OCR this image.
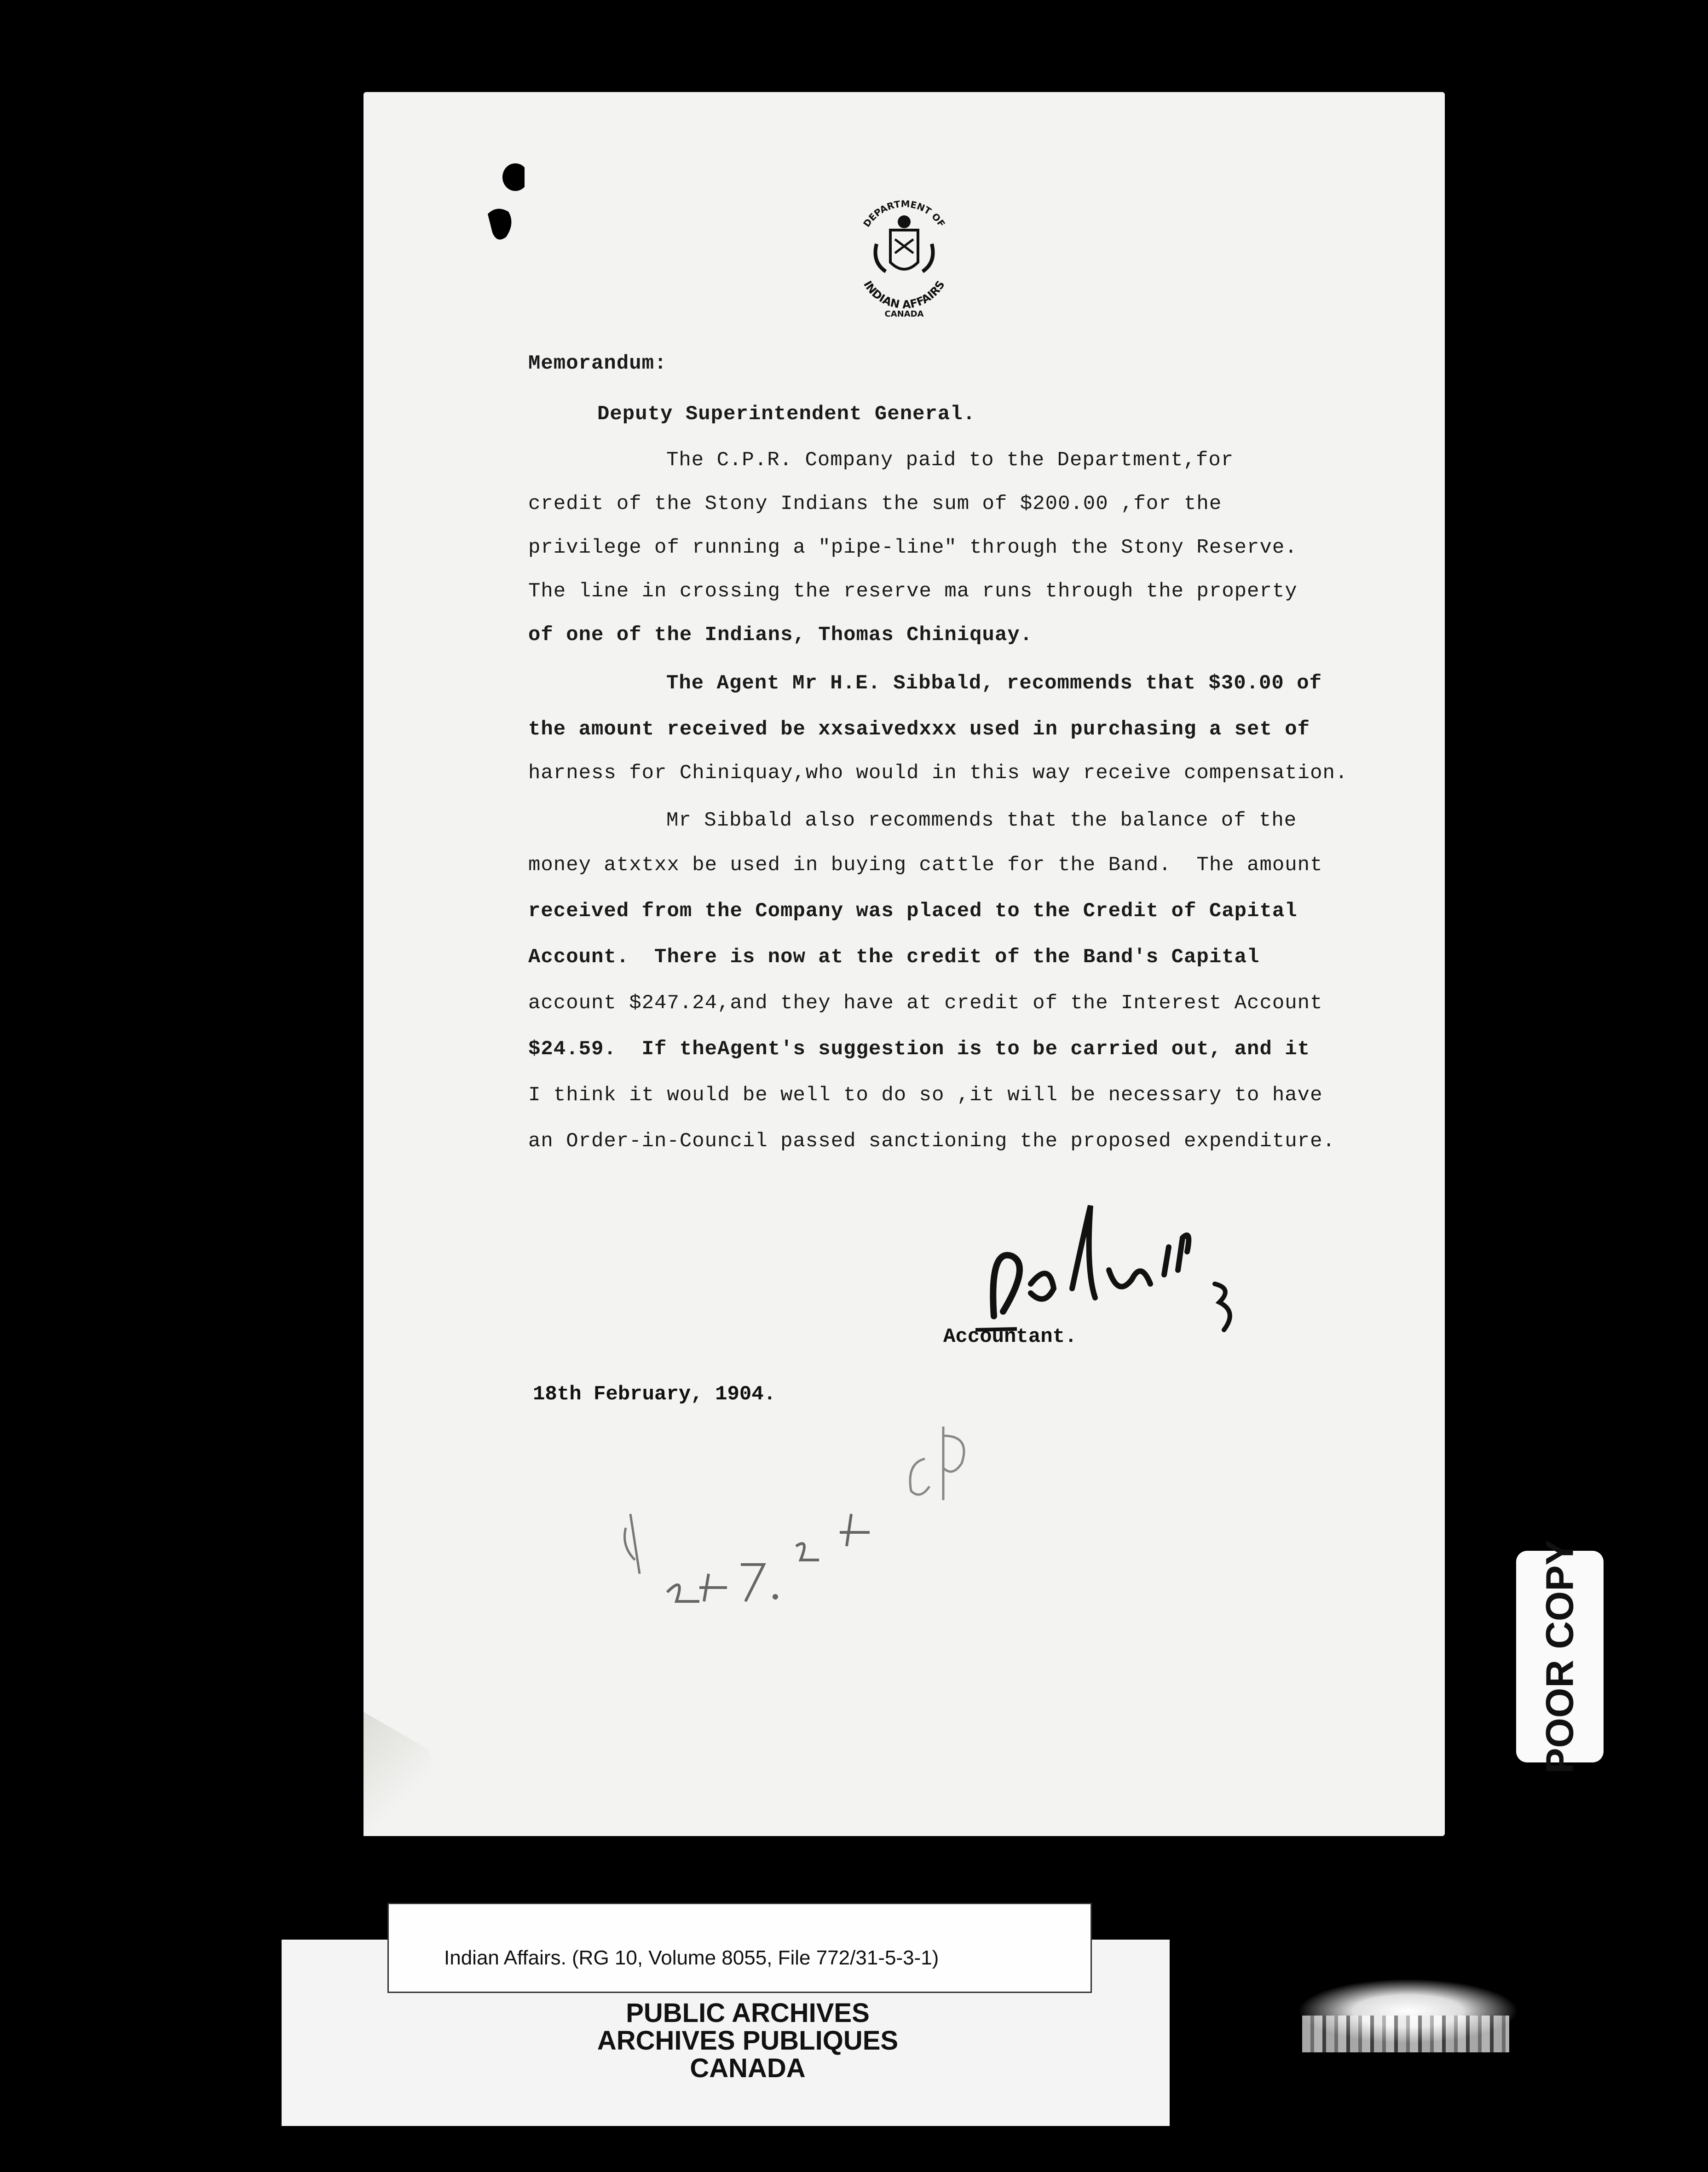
DEPARTMENT OF
INDIAN AFFAIRS
CANADA
Memorandum:
Deputy Superintendent General.
The C.P.R. Company paid to the Department,for
credit of the Stony Indians the sum of $200.00 ,for the
privilege of running a "pipe-line" through the Stony Reserve.
The line in crossing the reserve ma runs through the property
of one of the Indians, Thomas Chiniquay.
The Agent Mr H.E. Sibbald, recommends that $30.00 of
the amount received be xxsaivedxxx used in purchasing a set of
harness for Chiniquay,who would in this way receive compensation.
Mr Sibbald also recommends that the balance of the
money atxtxx be used in buying cattle for the Band.  The amount
received from the Company was placed to the Credit of Capital
Account.  There is now at the credit of the Band's Capital
account $247.24,and they have at credit of the Interest Account
$24.59.  If theAgent's suggestion is to be carried out, and it
I think it would be well to do so ,it will be necessary to have
an Order-in-Council passed sanctioning the proposed expenditure.
Accountant.
18th February, 1904.
POOR COPY
Indian Affairs. (RG 10, Volume 8055, File 772/31-5-3-1)
PUBLIC ARCHIVES
ARCHIVES PUBLIQUES
CANADA
